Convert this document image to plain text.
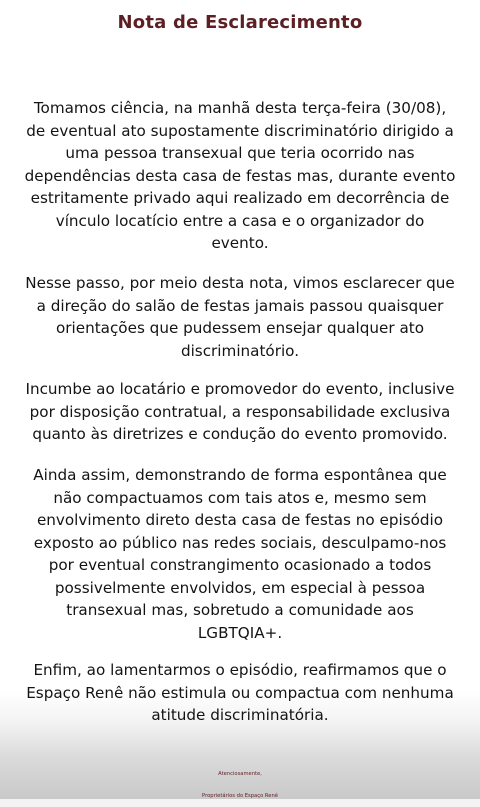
Nota de Esclarecimento
Tomamos ciência, na manhã desta terça-feira (30/08),
de eventual ato supostamente discriminatório dirigido a
uma pessoa transexual que teria ocorrido nas
dependências desta casa de festas mas, durante evento
estritamente privado aqui realizado em decorrência de
vínculo locatício entre a casa e o organizador do
evento.
Nesse passo, por meio desta nota, vimos esclarecer que
a direção do salão de festas jamais passou quaisquer
orientações que pudessem ensejar qualquer ato
discriminatório.
Incumbe ao locatário e promovedor do evento, inclusive
por disposição contratual, a responsabilidade exclusiva
quanto às diretrizes e condução do evento promovido.
Ainda assim, demonstrando de forma espontânea que
não compactuamos com tais atos e, mesmo sem
envolvimento direto desta casa de festas no episódio
exposto ao público nas redes sociais, desculpamo-nos
por eventual constrangimento ocasionado a todos
possivelmente envolvidos, em especial à pessoa
transexual mas, sobretudo a comunidade aos
LGBTQIA+.
Enfim, ao lamentarmos o episódio, reafirmamos que o
Espaço Renê não estimula ou compactua com nenhuma
atitude discriminatória.
Atenciosamente,
Proprietários do Espaço Renê
